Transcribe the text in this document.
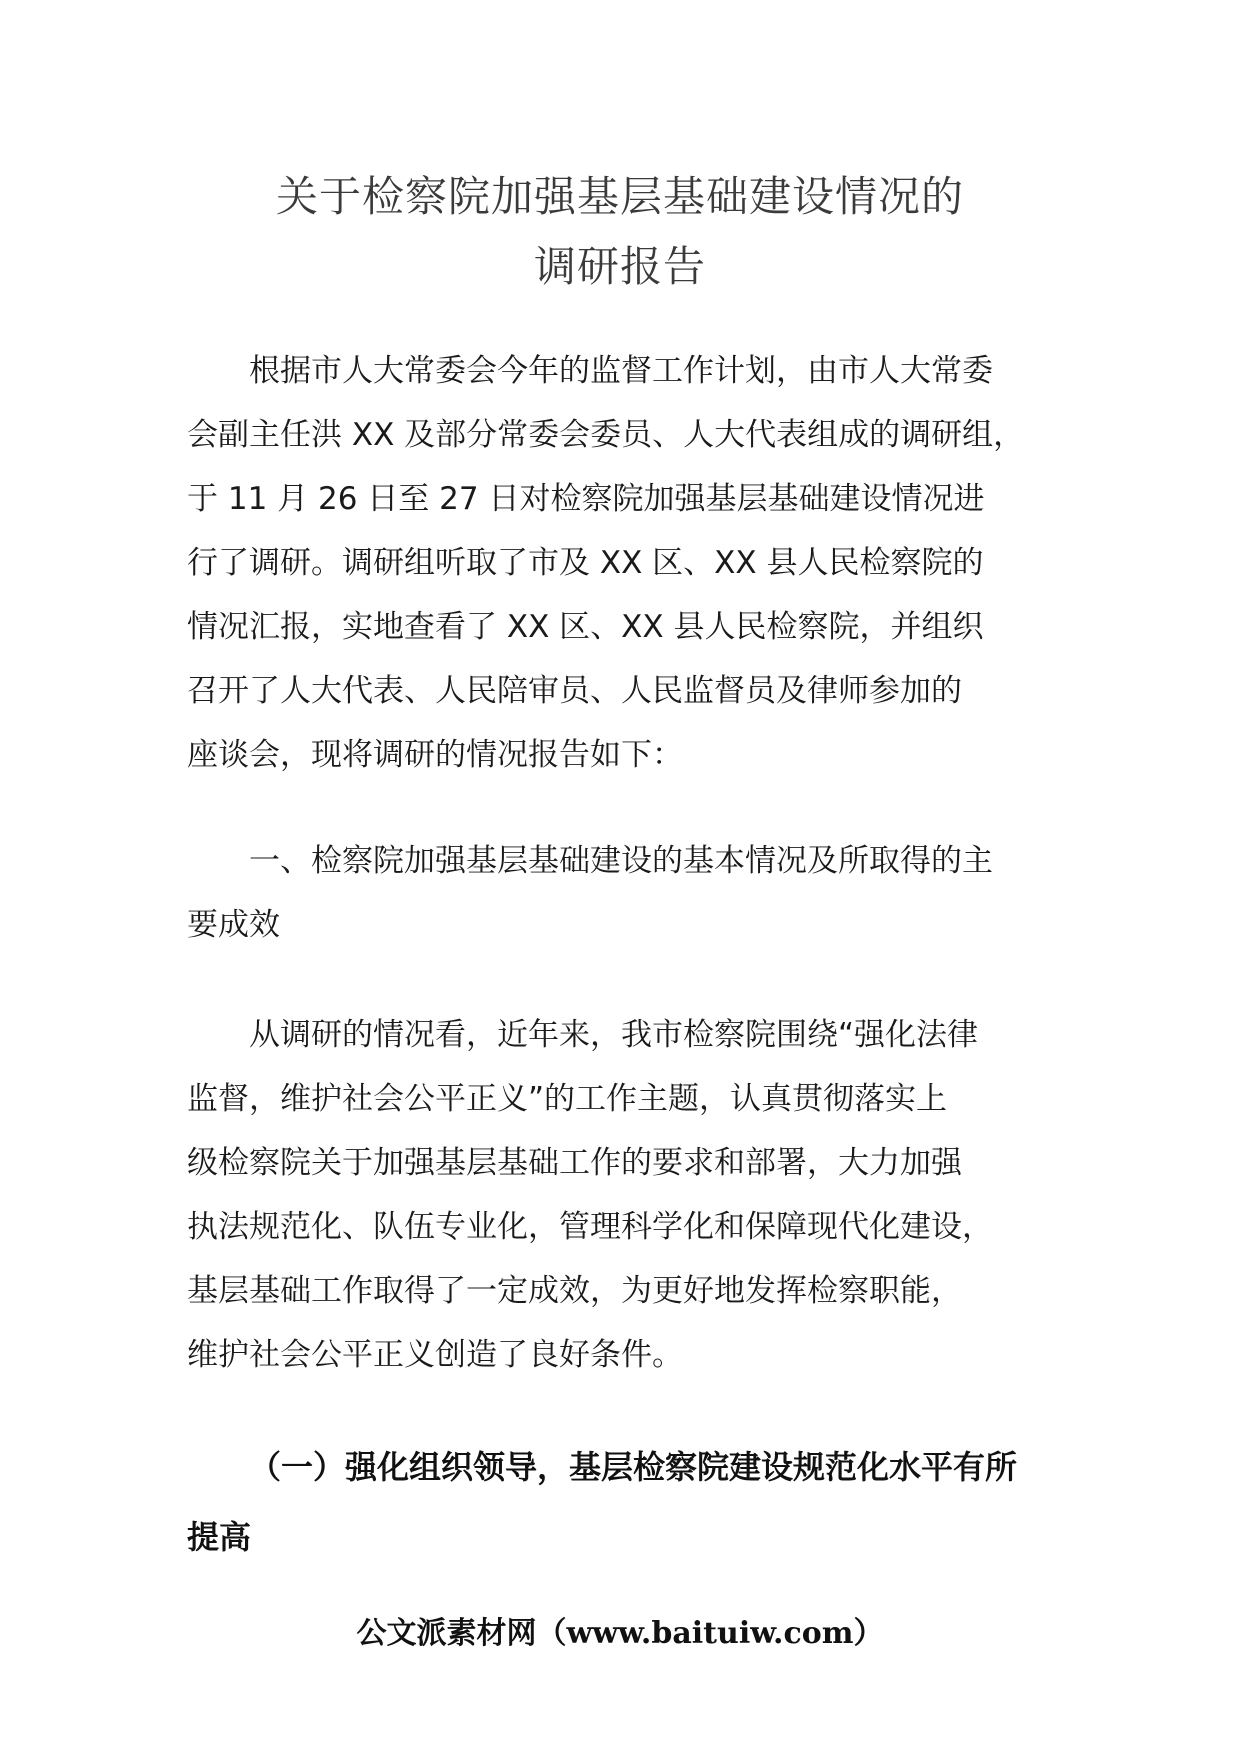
关于检察院加强基层基础建设情况的
调研报告
根据市人大常委会今年的监督工作计划，由市人大常委
会副主任洪 XX 及部分常委会委员、人大代表组成的调研组，
于 11 月 26 日至 27 日对检察院加强基层基础建设情况进
行了调研。调研组听取了市及 XX 区、XX 县人民检察院的
情况汇报，实地查看了 XX 区、XX 县人民检察院，并组织
召开了人大代表、人民陪审员、人民监督员及律师参加的
座谈会，现将调研的情况报告如下：
一、检察院加强基层基础建设的基本情况及所取得的主
要成效
从调研的情况看，近年来，我市检察院围绕“强化法律
监督，维护社会公平正义”的工作主题，认真贯彻落实上
级检察院关于加强基层基础工作的要求和部署，大力加强
执法规范化、队伍专业化，管理科学化和保障现代化建设，
基层基础工作取得了一定成效，为更好地发挥检察职能，
维护社会公平正义创造了良好条件。
（一）强化组织领导，基层检察院建设规范化水平有所
提高
公文派素材网（www.baituiw.com）
